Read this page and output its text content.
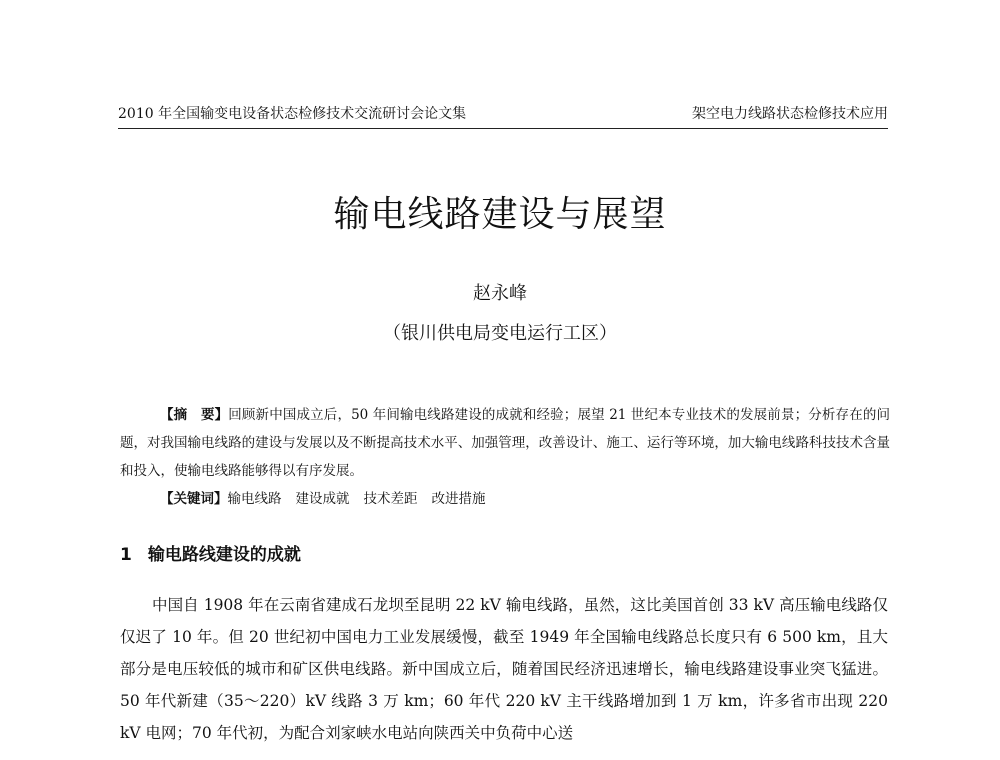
2010 年全国输变电设备状态检修技术交流研讨会论文集	架空电力线路状态检修技术应用
输电线路建设与展望
赵永峰
（银川供电局变电运行工区）

【摘　要】回顾新中国成立后，50 年间输电线路建设的成就和经验；展望 21 世纪本专业技术的发展前景；分析存在的问题，对我国输电线路的建设与发展以及不断提高技术水平、加强管理，改善设计、施工、运行等环境，加大输电线路科技技术含量和投入，使输电线路能够得以有序发展。

【关键词】输电线路 建设成就 技术差距 改进措施
1 输电路线建设的成就

中国自 1908 年在云南省建成石龙坝至昆明 22 kV 输电线路，虽然，这比美国首创 33 kV 高压输电线路仅仅迟了 10 年。但 20 世纪初中国电力工业发展缓慢，截至 1949 年全国输电线路总长度只有 6 500 km，且大部分是电压较低的城市和矿区供电线路。新中国成立后，随着国民经济迅速增长，输电线路建设事业突飞猛进。50 年代新建（35～220）kV 线路 3 万 km；60 年代 220 kV 主干线路增加到 1 万 km，许多省市出现 220 kV 电网；70 年代初，为配合刘家峡水电站向陕西关中负荷中心送
